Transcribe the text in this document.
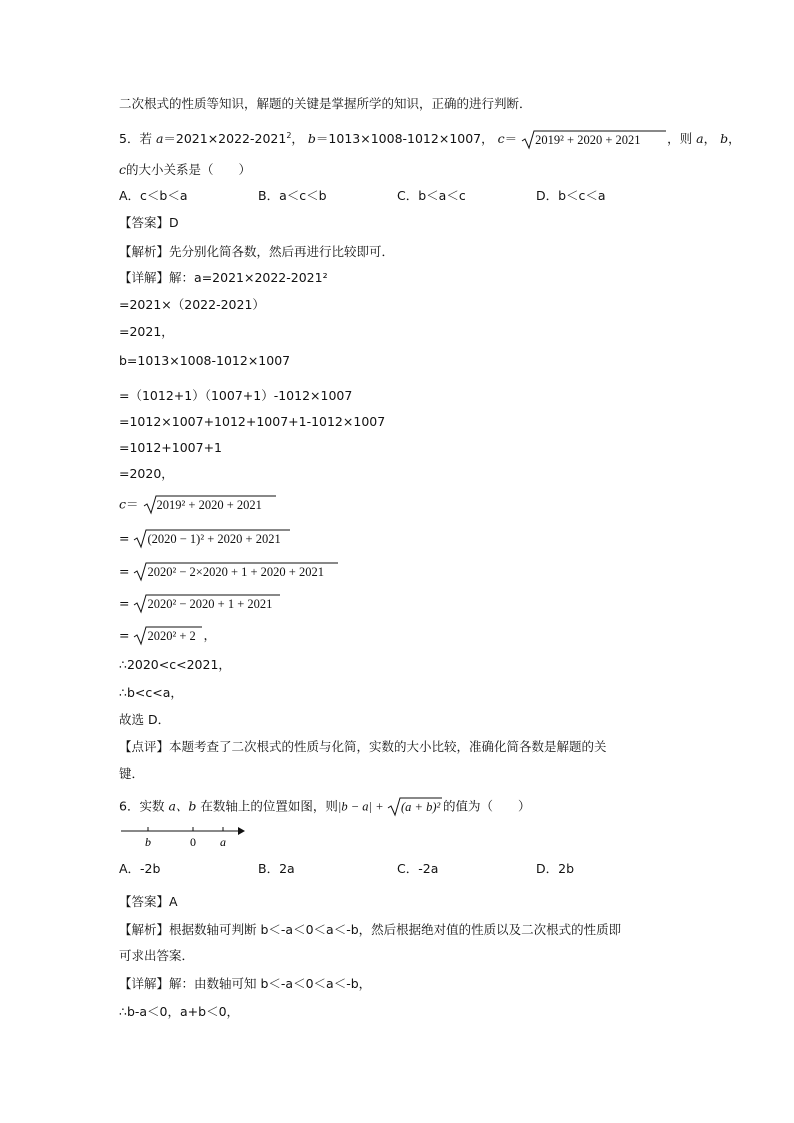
二次根式的性质等知识，解题的关键是掌握所学的知识，正确的进行判断．
5．若 $a=2021\times 2022-2021^2$， b＝1013×1008-1012×1007， c＝ 2019² + 2020 + 2021 ，则 a， b，
c的大小关系是（　　）
A．c＜b＜a	B．a＜c＜b	C．b＜a＜c	D．b＜c＜a
【答案】D
【解析】先分别化简各数，然后再进行比较即可．
【详解】解：a=2021×2022-2021²
=2021×（2022-2021）
=2021，
b=1013×1008-1012×1007
=（1012+1）（1007+1）-1012×1007
=1012×1007+1012+1007+1-1012×1007
=1012+1007+1
=2020，
c＝ 2019² + 2020 + 2021
= (2020 − 1)² + 2020 + 2021
= 2020² − 2×2020 + 1 + 2020 + 2021
= 2020² − 2020 + 1 + 2021
= 2020² + 2 ，
∴2020<c<2021，
∴b<c<a，
故选 D．
【点评】本题考查了二次根式的性质与化简，实数的大小比较，准确化简各数是解题的关
键．
6．实数 a、b 在数轴上的位置如图，则|b − a| + (a + b)² 的值为（　　）
b	0 a
A．-2b	B．2a	C．-2a	D．2b
【答案】A
【解析】根据数轴可判断 b＜-a＜0＜a＜-b，然后根据绝对值的性质以及二次根式的性质即
可求出答案．
【详解】解：由数轴可知 b＜-a＜0＜a＜-b，
∴b-a＜0，a+b＜0，
